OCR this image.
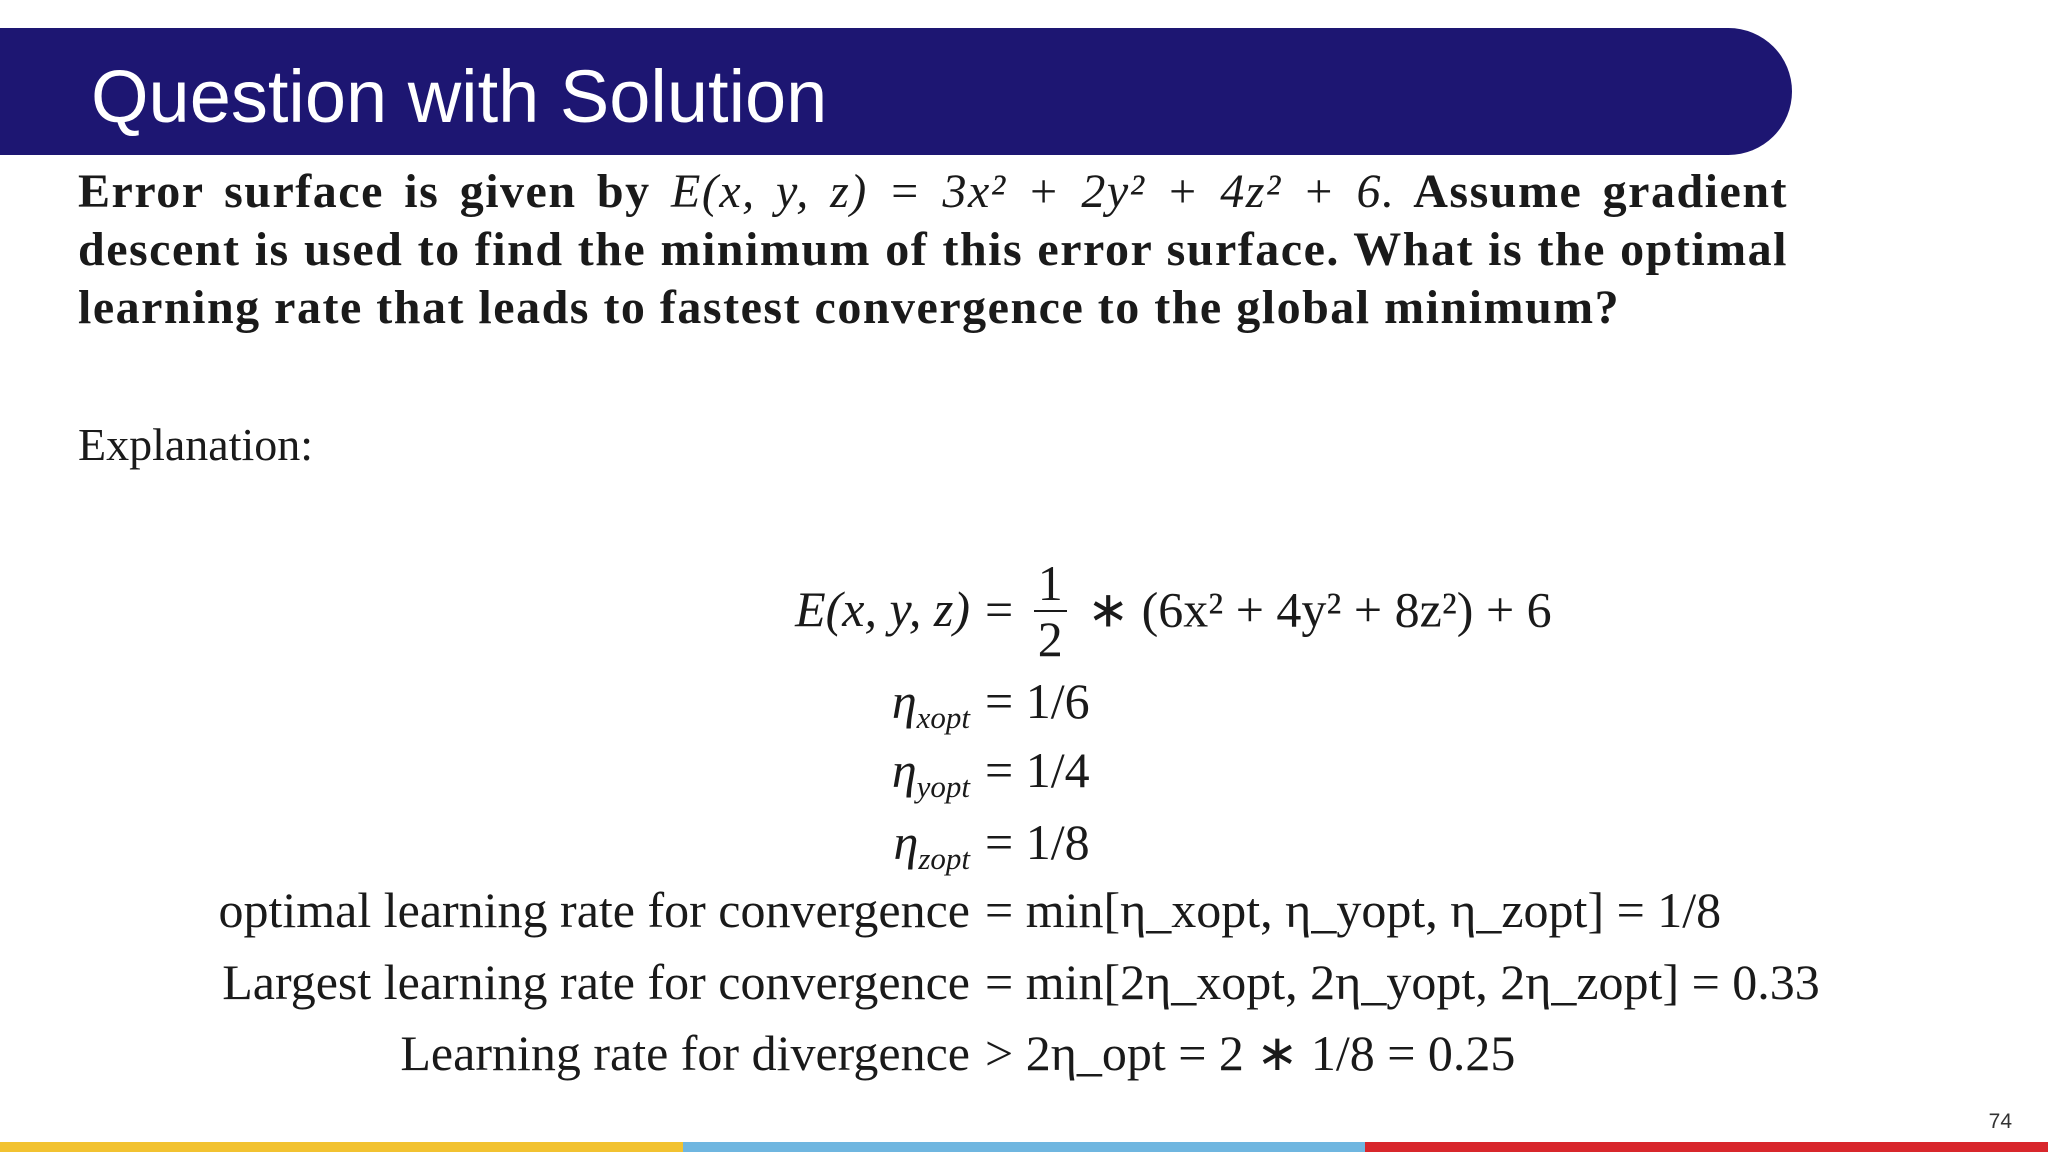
Question with Solution
Error surface is given by E(x, y, z) = 3x² + 2y² + 4z² + 6. Assume gradient descent is used to find the minimum of this error surface. What is the optimal learning rate that leads to fastest convergence to the global minimum?
Explanation:
E(x, y, $z) = \frac{1}{2}$ ∗ (6x² + 4y² + 8z²) + 6
$\eta_{xopt} = 1/6$
$\eta_{yopt} = 1/4$
$\eta_{zopt} = 1/8$
optimal learning rate for convergence = min[η_xopt, η_yopt, η_zopt] = 1/8
Largest learning rate for convergence = min[2η_xopt, 2η_yopt, 2η_zopt] = 0.33
Learning rate for divergence > 2η_opt = 2 ∗ 1/8 = 0.25
74
